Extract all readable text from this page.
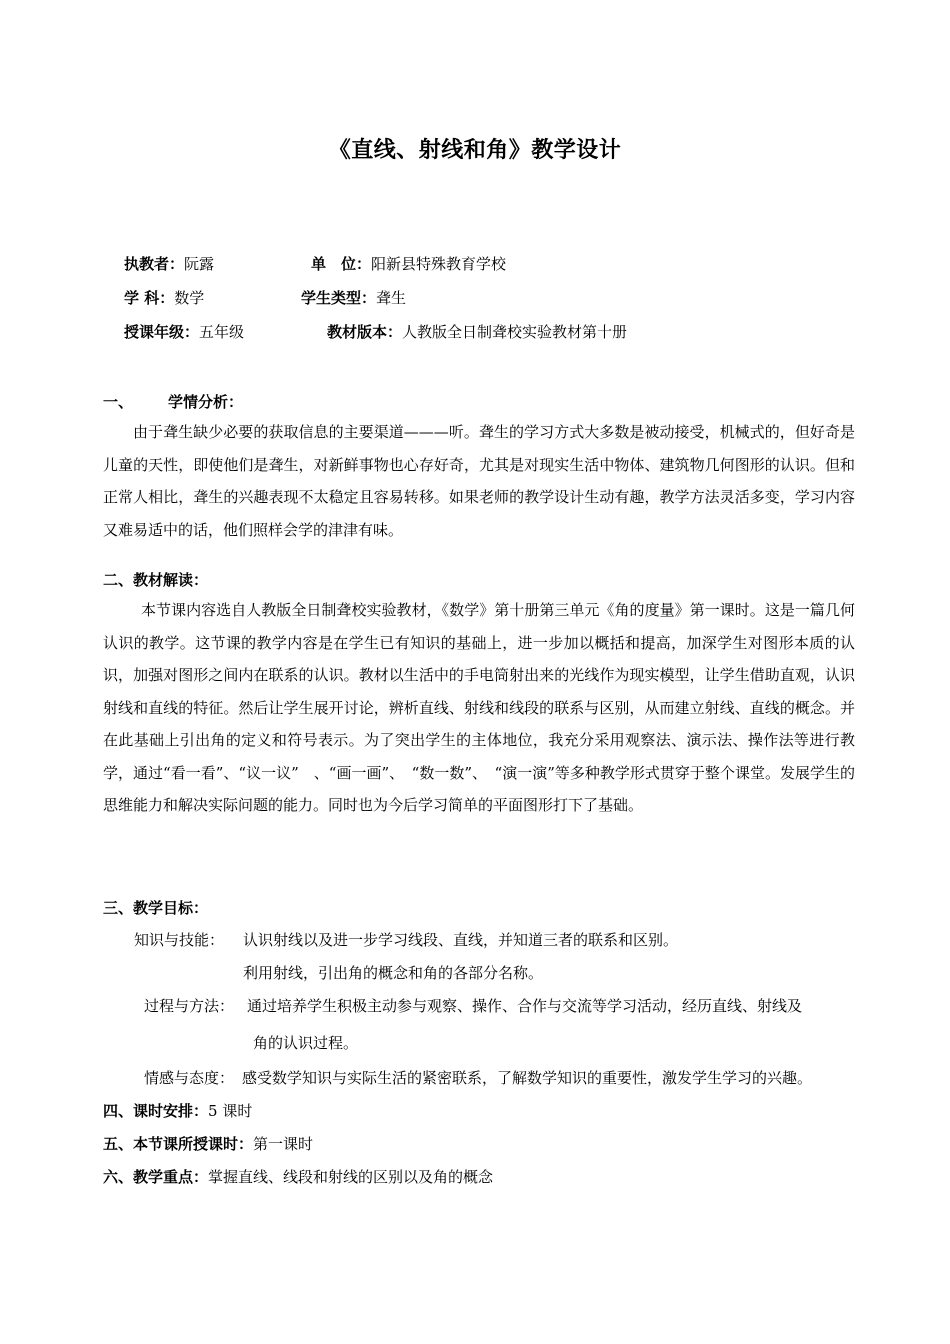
《直线、射线和角》教学设计
执教者：阮露	单　位：阳新县特殊教育学校
学 科：数学	学生类型：聋生
授课年级：五年级	教材版本：人教版全日制聋校实验教材第十册
一、 学情分析：
由于聋生缺少必要的获取信息的主要渠道———听。聋生的学习方式大多数是被动接受，机械式的，但好奇是儿童的天性，即使他们是聋生，对新鲜事物也心存好奇，尤其是对现实生活中物体、建筑物几何图形的认识。但和正常人相比，聋生的兴趣表现不太稳定且容易转移。如果老师的教学设计生动有趣，教学方法灵活多变，学习内容又难易适中的话，他们照样会学的津津有味。
二、教材解读：
本节课内容选自人教版全日制聋校实验教材，《数学》第十册第三单元《角的度量》第一课时。这是一篇几何认识的教学。这节课的教学内容是在学生已有知识的基础上，进一步加以概括和提高，加深学生对图形本质的认识，加强对图形之间内在联系的认识。教材以生活中的手电筒射出来的光线作为现实模型，让学生借助直观，认识射线和直线的特征。然后让学生展开讨论，辨析直线、射线和线段的联系与区别，从而建立射线、直线的概念。并在此基础上引出角的定义和符号表示。为了突出学生的主体地位，我充分采用观察法、演示法、操作法等进行教学，通过“看一看”、“议一议”　、“画一画”、　“数一数”、　“演一演”等多种教学形式贯穿于整个课堂。发展学生的思维能力和解决实际问题的能力。同时也为今后学习简单的平面图形打下了基础。
三、教学目标：
知识与技能： 认识射线以及进一步学习线段、直线，并知道三者的联系和区别。
利用射线，引出角的概念和角的各部分名称。
过程与方法： 通过培养学生积极主动参与观察、操作、合作与交流等学习活动，经历直线、射线及
角的认识过程。
情感与态度： 感受数学知识与实际生活的紧密联系，了解数学知识的重要性，激发学生学习的兴趣。
四、课时安排：5 课时
五、本节课所授课时：第一课时
六、教学重点：掌握直线、线段和射线的区别以及角的概念
